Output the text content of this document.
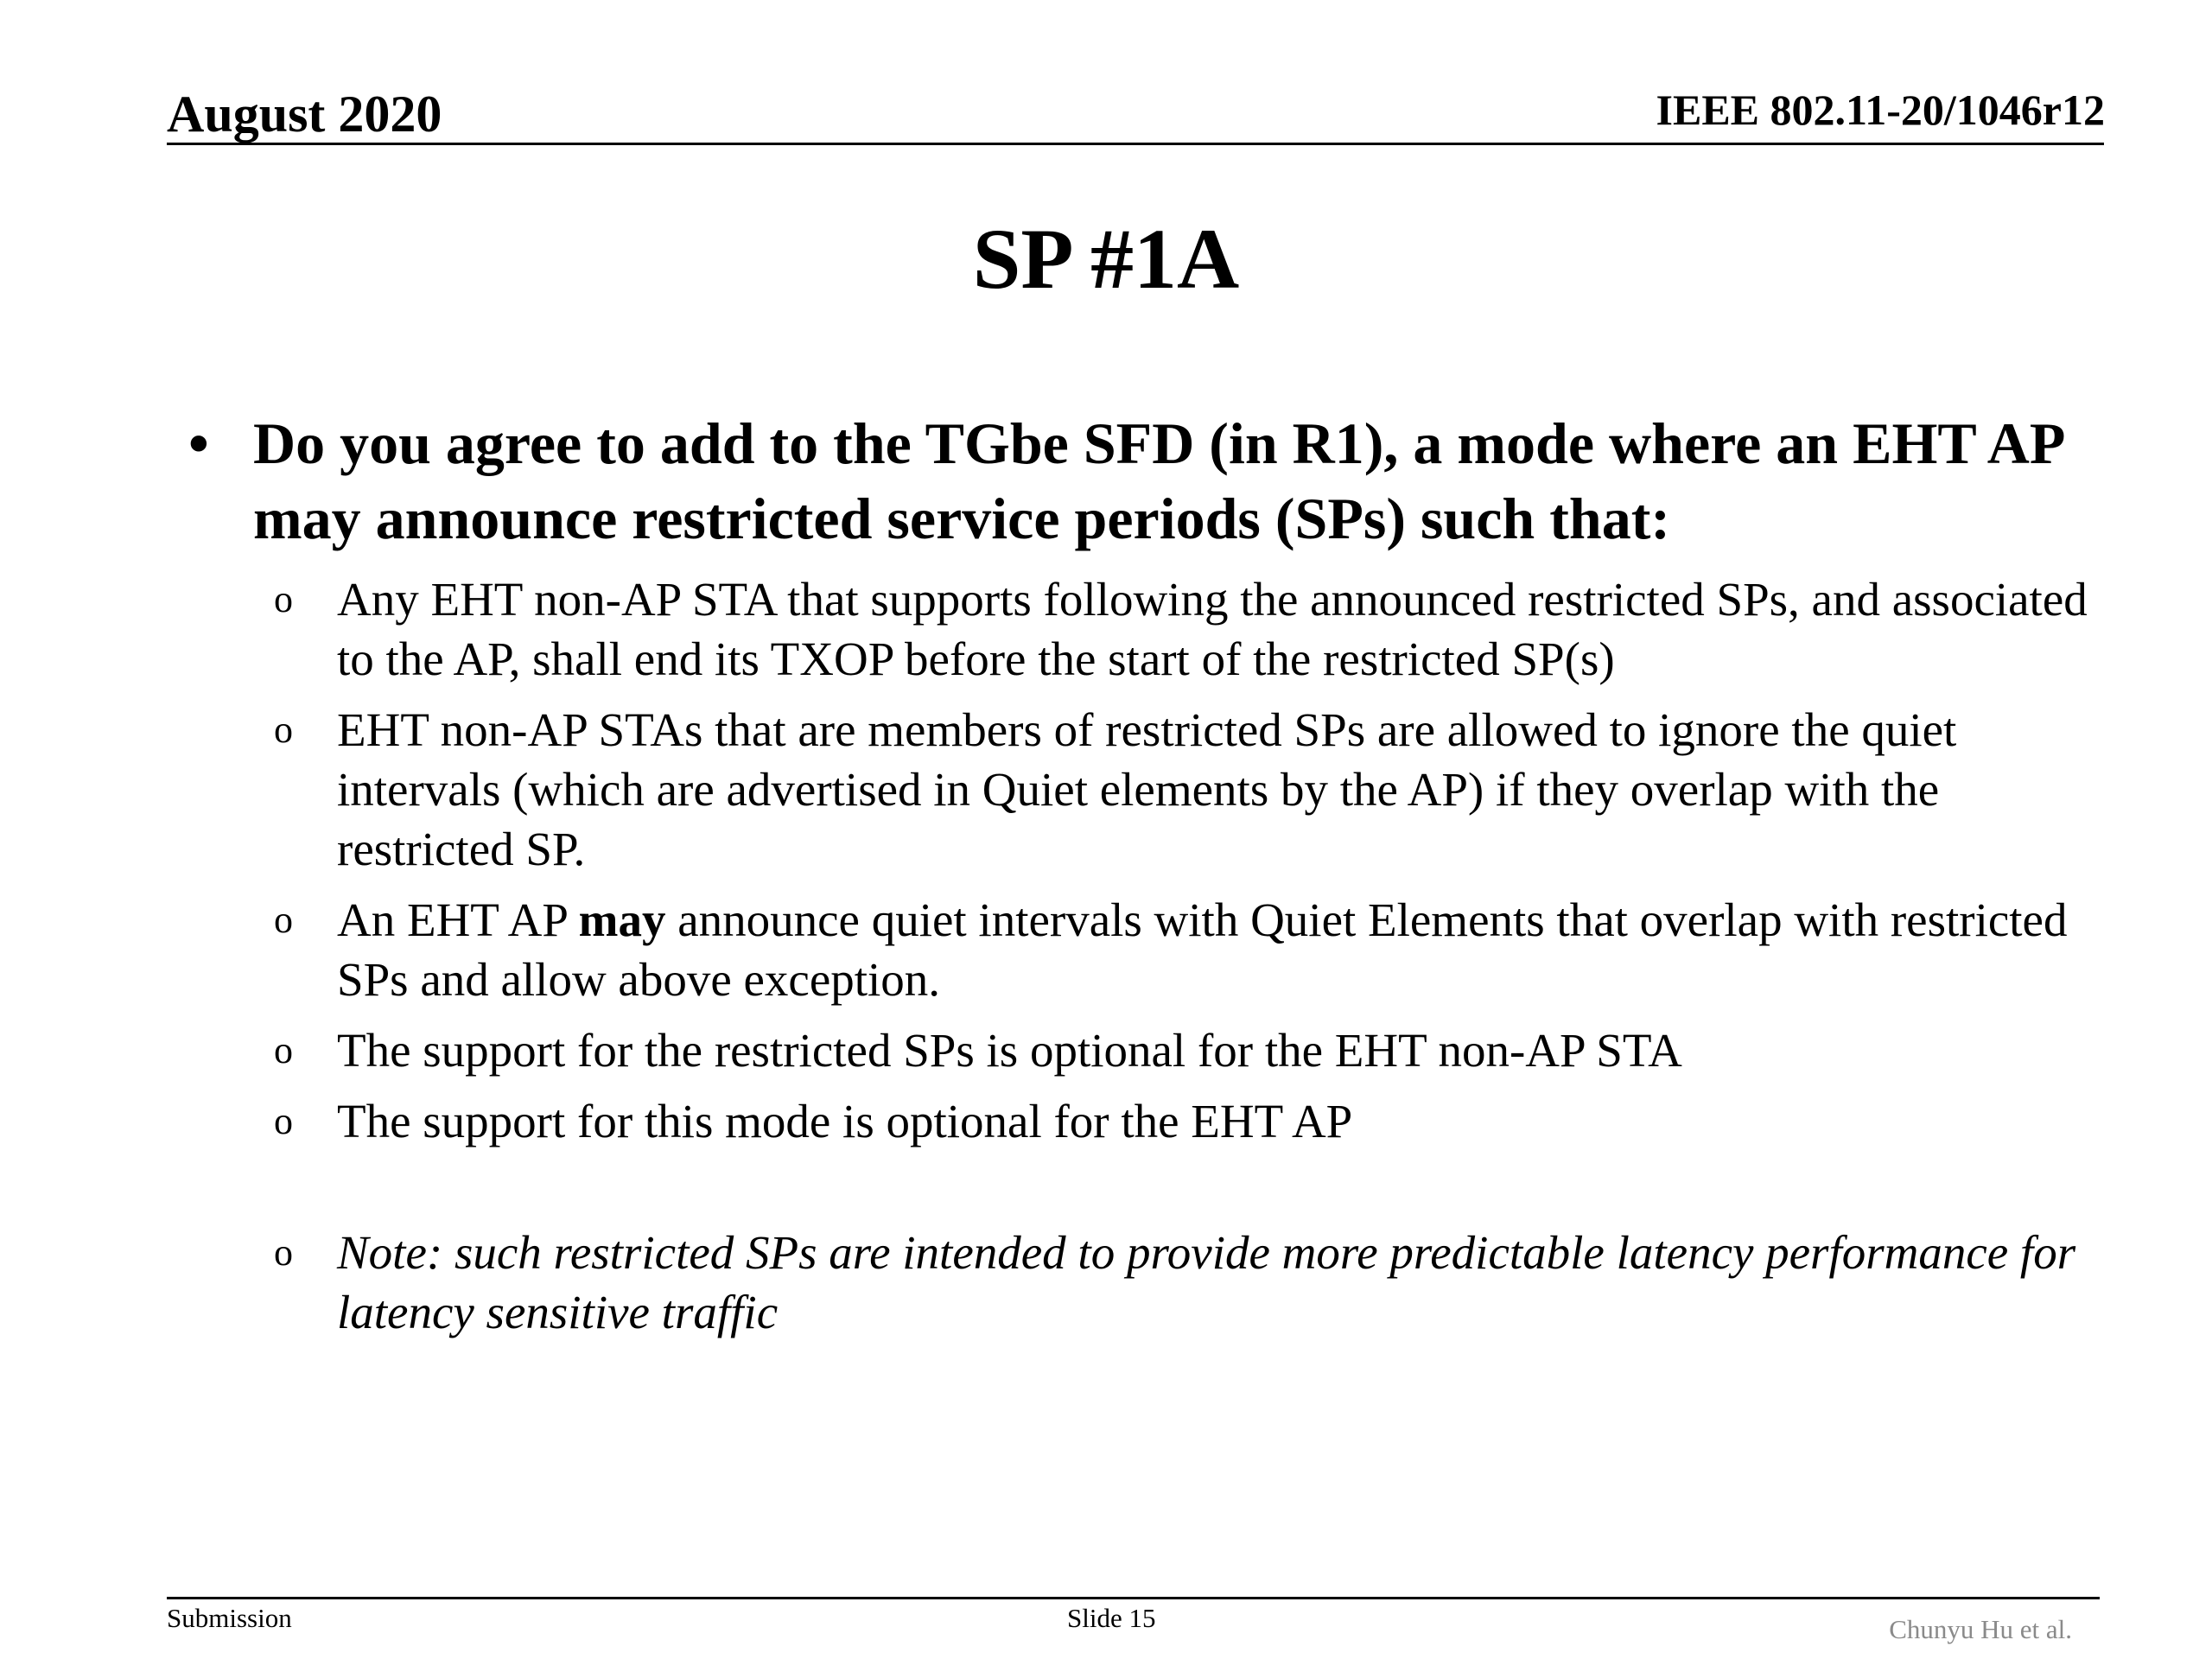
August 2020	IEEE 802.11-20/1046r12
SP #1A
• Do you agree to add to the TGbe SFD (in R1), a mode where an EHT AP may announce restricted service periods (SPs) such that:
o Any EHT non-AP STA that supports following the announced restricted SPs, and associated to the AP, shall end its TXOP before the start of the restricted SP(s)
o EHT non-AP STAs that are members of restricted SPs are allowed to ignore the quiet intervals (which are advertised in Quiet elements by the AP) if they overlap with the restricted SP.
o An EHT AP may announce quiet intervals with Quiet Elements that overlap with restricted SPs and allow above exception.
o The support for the restricted SPs is optional for the EHT non-AP STA
o The support for this mode is optional for the EHT AP
o Note: such restricted SPs are intended to provide more predictable latency performance for latency sensitive traffic
Submission	Slide 15	Chunyu Hu et al.
